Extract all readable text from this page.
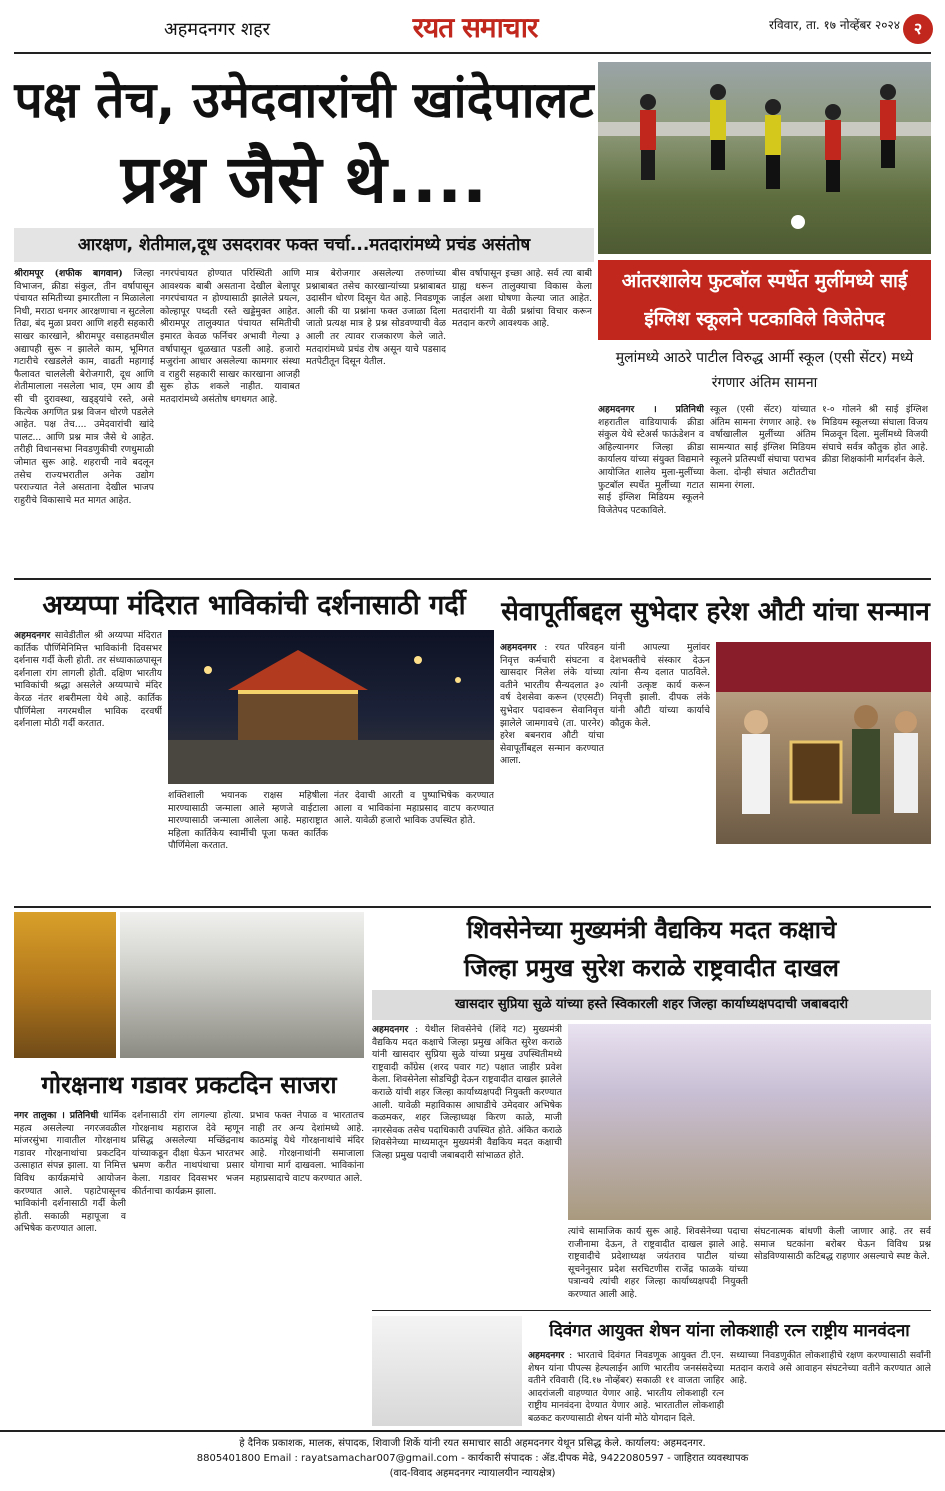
अहमदनगर शहर	रयत समाचार	रविवार, ता. १७ नोव्हेंबर २०२४ २
पक्ष तेच, उमेदवारांची खांदेपालट
प्रश्न जैसे थे....
आरक्षण, शेतीमाल,दूध उसदरावर फक्त चर्चा...मतदारांमध्ये प्रचंड असंतोष
श्रीरामपूर (शफीक बागवान) जिल्हा विभाजन, क्रीडा संकुल, तीन वर्षापासून पंचायत समितीच्या इमारतीला न मिळालेला निधी, मराठा धनगर आरक्षणाचा न सुटलेला तिढा, बंद मुळा प्रवरा आणि शहरी सहकारी साखर कारखाने, श्रीरामपूर वसाहतमधील अद्यापही सुरू न झालेले काम, भूमिगत गटारीचे रखडलेले काम, वाढती महागाई फैलावत चाललेली बेरोजगारी, दूध आणि शेतीमालाला नसलेला भाव, एम आय डी सी ची दुरावस्था, खड्ड्यांचे रस्ते, असे कित्येक अगणित प्रश्न विजन धोरणे पडलेले आहेत. पक्ष तेच.... उमेदवारांची खांदे पालट... आणि प्रश्न मात्र जैसे थे आहेत. तरीही विधानसभा निवडणुकीची रणधुमाळी जोमात सुरू आहे. शहराची नावे बदलून तसेच राज्यभरातील अनेक उद्योग परराज्यात नेले असताना देखील भाजप राहुरीचे विकासाचे मत मागत आहेत.
नगरपंचायत होण्यात परिस्थिती आणि आवश्यक बाबी असताना देखील बेलापूर नगरपंचायत न होण्यासाठी झालेले प्रयत्न, कोल्हापूर पध्दती रस्ते खड्डेमुक्त आहेत. श्रीरामपूर तालुक्यात पंचायत समितीची इमारत केवळ फर्निचर अभावी गेल्या ३ वर्षापासून धूळखात पडली आहे. हजारो मजुरांना आधार असलेल्या कामगार संस्था व राहुरी सहकारी साखर कारखाना आजही सुरू होऊ शकले नाहीत. यावाबत मतदारांमध्ये असंतोष धगधगत आहे.
मात्र बेरोजगार असलेल्या तरुणांच्या प्रश्नाबाबत तसेच कारखान्यांच्या प्रश्नाबाबत उदासीन धोरण दिसून येत आहे. निवडणूक आली की या प्रश्नांना फक्त उजाळा दिला जातो प्रत्यक्ष मात्र हे प्रश्न सोडवण्याची वेळ आली तर त्यावर राजकारण केले जाते. मतदारांमध्ये प्रचंड रोष असून याचे पडसाद मतपेटीतून दिसून येतील.
बीस वर्षापासून इच्छा आहे. सर्व त्या बाबी ग्राह्य धरून तालुक्याचा विकास केला जाईल अशा घोषणा केल्या जात आहेत. मतदारांनी या वेळी प्रश्नांचा विचार करून मतदान करणे आवश्यक आहे.
आंतरशालेय फुटबॉल स्पर्धेत मुलींमध्ये साई इंग्लिश स्कूलने पटकाविले विजेतेपद
मुलांमध्ये आठरे पाटील विरुद्ध आर्मी स्कूल (एसी सेंटर) मध्ये रंगणार अंतिम सामना
अहमदनगर । प्रतिनिधी शहरातील वाडियापार्क क्रीडा संकुल येथे स्टेअर्स फाऊंडेशन व अहिल्यानगर जिल्हा क्रीडा कार्यालय यांच्या संयुक्त विद्यमाने आयोजित शालेय मुला-मुलींच्या फुटबॉल स्पर्धेत मुलींच्या गटात साई इंग्लिश मिडियम स्कूलने विजेतेपद पटकाविले.
स्कूल (एसी सेंटर) यांच्यात अंतिम सामना रंगणार आहे. १७ वर्षाखालील मुलींच्या अंतिम सामन्यात साई इंग्लिश मिडियम स्कूलने प्रतिस्पर्धी संघाचा पराभव केला. दोन्ही संघात अटीतटीचा सामना रंगला.
१-० गोलने श्री साई इंग्लिश मिडियम स्कूलच्या संघाला विजय मिळवून दिला. मुलींमध्ये विजयी संघाचे सर्वत्र कौतुक होत आहे. क्रीडा शिक्षकांनी मार्गदर्शन केले.
अय्यप्पा मंदिरात भाविकांची दर्शनासाठी गर्दी
अहमदनगर सावेडीतील श्री अय्यप्पा मंदिरात कार्तिक पौर्णिमेनिमित्त भाविकांनी दिवसभर दर्शनास गर्दी केली होती. तर संध्याकाळपासून दर्शनाला रांग लागली होती. दक्षिण भारतीय भाविकांची श्रद्धा असलेले अय्यप्पाचे मंदिर केरळ नंतर शबरीमला येथे आहे. कार्तिक पौर्णिमेला नगरमधील भाविक दरवर्षी दर्शनाला मोठी गर्दी करतात.
शक्तिशाली भयानक राक्षस महिषीला मारण्यासाठी जन्माला आले म्हणजे वाईटाला मारण्यासाठी जन्माला आलेला आहे. महाराष्ट्रात महिला कार्तिकेय स्वामींची पूजा फक्त कार्तिक पौर्णिमेला करतात.
नंतर देवाची आरती व पुष्पाभिषेक करण्यात आला व भाविकांना महाप्रसाद वाटप करण्यात आले. यावेळी हजारो भाविक उपस्थित होते.
सेवापूर्तीबद्दल सुभेदार हरेश औटी यांचा सन्मान
अहमदनगर : रयत परिवहन निवृत्त कर्मचारी संघटना व खासदार निलेश लंके यांच्या वतीने भारतीय सैन्यदलात ३० वर्ष देशसेवा करून (एएसटी) सुभेदार पदावरून सेवानिवृत्त झालेले जामगावचे (ता. पारनेर) हरेश बबनराव औटी यांचा सेवापूर्तीबद्दल सन्मान करण्यात आला.
यांनी आपल्या मुलांवर देशभक्तीचे संस्कार देऊन त्यांना सैन्य दलात पाठविले. त्यांनी उत्कृष्ट कार्य करून निवृत्ती झाली. दीपक लंके यांनी औटी यांच्या कार्याचे कौतुक केले.
गोरक्षनाथ गडावर प्रकटदिन साजरा
नगर तालुका । प्रतिनिधी धार्मिक महत्व असलेल्या नगरजवळील मांजरसुंभा गावातील गोरक्षनाथ गडावर गोरक्षनाथांचा प्रकटदिन उत्साहात संपन्न झाला. या निमित्त विविध कार्यक्रमांचे आयोजन करण्यात आले. पहाटेपासूनच भाविकांनी दर्शनासाठी गर्दी केली होती. सकाळी महापूजा व अभिषेक करण्यात आला.
दर्शनासाठी रांग लागल्या होत्या. गोरक्षनाथ महाराज देवे म्हणून प्रसिद्ध असलेल्या मच्छिंद्रनाथ यांच्याकडून दीक्षा घेऊन भारतभर भ्रमण करीत नाथपंथाचा प्रसार केला. गडावर दिवसभर भजन कीर्तनाचा कार्यक्रम झाला.
प्रभाव फक्त नेपाळ व भारतातच नाही तर अन्य देशांमध्ये आहे. काठमांडू येथे गोरक्षनाथांचे मंदिर आहे. गोरक्षनाथांनी समाजाला योगाचा मार्ग दाखवला. भाविकांना महाप्रसादाचे वाटप करण्यात आले.
शिवसेनेच्या मुख्यमंत्री वैद्यकिय मदत कक्षाचे
जिल्हा प्रमुख सुरेश कराळे राष्ट्रवादीत दाखल
खासदार सुप्रिया सुळे यांच्या हस्ते स्विकारली शहर जिल्हा कार्याध्यक्षपदाची जबाबदारी
अहमदनगर : येथील शिवसेनेचे (शिंदे गट) मुख्यमंत्री वैद्यकिय मदत कक्षाचे जिल्हा प्रमुख अंकित सुरेश कराळे यांनी खासदार सुप्रिया सुळे यांच्या प्रमुख उपस्थितीमध्ये राष्ट्रवादी काँग्रेस (शरद पवार गट) पक्षात जाहीर प्रवेश केला. शिवसेनेला सोडचिट्ठी देऊन राष्ट्रवादीत दाखल झालेले कराळे यांची शहर जिल्हा कार्याध्यक्षपदी नियुक्ती करण्यात आली. यावेळी महाविकास आघाडीचे उमेदवार अभिषेक कळमकर, शहर जिल्हाध्यक्ष किरण काळे, माजी नगरसेवक तसेच पदाधिकारी उपस्थित होते. अंकित कराळे शिवसेनेच्या माध्यमातून मुख्यमंत्री वैद्यकिय मदत कक्षाची जिल्हा प्रमुख पदाची जबाबदारी सांभाळत होते.
त्यांचे सामाजिक कार्य सुरू आहे. शिवसेनेच्या पदाचा राजीनामा देऊन, ते राष्ट्रवादीत दाखल झाले आहे. राष्ट्रवादीचे प्रदेशाध्यक्ष जयंतराव पाटील यांच्या सूचनेनुसार प्रदेश सरचिटणीस राजेंद्र फाळके यांच्या पत्रान्वये त्यांची शहर जिल्हा कार्याध्यक्षपदी नियुक्ती करण्यात आली आहे.
संघटनात्मक बांधणी केली जाणार आहे. तर सर्व समाज घटकांना बरोबर घेऊन विविध प्रश्न सोडविण्यासाठी कटिबद्ध राहणार असल्याचे स्पष्ट केले.
दिवंगत आयुक्त शेषन यांना लोकशाही रत्न राष्ट्रीय मानवंदना
अहमदनगर : भारताचे दिवंगत निवडणूक आयुक्त टी.एन. शेषन यांना पीपल्स हेल्पलाईन आणि भारतीय जनसंसदेच्या वतीने रविवारी (दि.१७ नोव्हेंबर) सकाळी ११ वाजता जाहिर आदरांजली वाहण्यात येणार आहे. भारतीय लोकशाही रत्न राष्ट्रीय मानवंदना देण्यात येणार आहे. भारतातील लोकशाही बळकट करण्यासाठी शेषन यांनी मोठे योगदान दिले.
सध्याच्या निवडणुकीत लोकशाहीचे रक्षण करण्यासाठी सर्वांनी मतदान करावे असे आवाहन संघटनेच्या वतीने करण्यात आले आहे.
हे दैनिक प्रकाशक, मालक, संपादक, शिवाजी शिर्के यांनी रयत समाचार साठी अहमदनगर येथून प्रसिद्ध केले. कार्यालय: अहमदनगर.
8805401800 Email : rayatsamachar007@gmail.com - कार्यकारी संपादक : ॲड.दीपक मेढे, 9422080597 - जाहिरात व्यवस्थापक
(वाद-विवाद अहमदनगर न्यायालयीन न्यायक्षेत्र)
